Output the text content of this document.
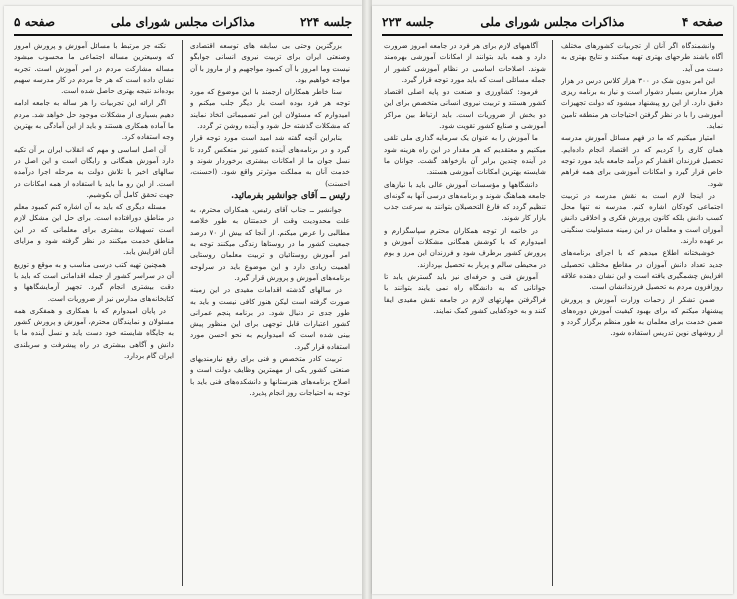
جلسه ۲۲۴
مذاکرات مجلس شورای ملی
صفحه ۵

بزرگترین وحتی بی سابقه های توسعه اقتصادی وصنعتی ایران برای تربیت نیروی انسانی جوابگو نیست وما امروز با آن کمبود مواجهیم و از ماروز با آن مواجه خواهیم بود.

سنا خاطر همکاران ارجمند با این موضوع که مورد توجه هر فرد بوده است بار دیگر جلب میکنم و امیدوارم که مسئولان این امر تصمیماتی اتخاذ نمایند که مشکلات گذشته حل شود و آینده روشن تر گردد.

بنابراین آنچه گفته شد امید است مورد توجه قرار گیرد و در برنامه‌های آینده کشور نیز منعکس گردد تا نسل جوان ما از امکانات بیشتری برخوردار شوند و خدمت آنان به مملکت موثرتر واقع شود. (احسنت، احسنت)

رئیس ــ آقای جوانشیر بفرمائید.

جوانشیر ــ جناب آقای رئیس، همکاران محترم، به علت محدودیت وقت از خدمتتان به طور خلاصه مطالبی را عرض میکنم. از آنجا که بیش از ۷۰ درصد جمعیت کشور ما در روستاها زندگی میکنند توجه به امر آموزش روستائیان و تربیت معلمان روستایی اهمیت زیادی دارد و این موضوع باید در سرلوحه برنامه‌های آموزش و پرورش قرار گیرد.

در سالهای گذشته اقدامات مفیدی در این زمینه صورت گرفته است لیکن هنوز کافی نیست و باید به طور جدی تر دنبال شود. در برنامه پنجم عمرانی کشور اعتبارات قابل توجهی برای این منظور پیش بینی شده است که امیدواریم به نحو احسن مورد استفاده قرار گیرد.

تربیت کادر متخصص و فنی برای رفع نیازمندیهای صنعتی کشور یکی از مهمترین وظایف دولت است و اصلاح برنامه‌های هنرستانها و دانشکده‌های فنی باید با توجه به احتیاجات روز انجام پذیرد.

نکته جز مرتبط با مسائل آموزش و پرورش امروز که وسیعترین مساله اجتماعی ما محسوب میشود مساله مشارکت مردم در امر آموزش است. تجربه نشان داده است که هر جا مردم در کار مدرسه سهیم بوده‌اند نتیجه بهتری حاصل شده است.

اگر ارائه این تجربیات را هر ساله به جامعه ادامه دهیم بسیاری از مشکلات موجود حل خواهد شد. مردم ما آماده همکاری هستند و باید از این آمادگی به بهترین وجه استفاده کرد.

آن اصل اساسی و مهم که انقلاب ایران بر آن تکیه دارد آموزش همگانی و رایگان است و این اصل در سالهای اخیر با تلاش دولت به مرحله اجرا درآمده است. از این رو ما باید با استفاده از همه امکانات در جهت تحقق کامل آن بکوشیم.

مسئله دیگری که باید به آن اشاره کنم کمبود معلم در مناطق دورافتاده است. برای حل این مشکل لازم است تسهیلات بیشتری برای معلمانی که در این مناطق خدمت میکنند در نظر گرفته شود و مزایای آنان افزایش یابد.

همچنین تهیه کتب درسی مناسب و به موقع و توزیع آن در سراسر کشور از جمله اقداماتی است که باید با دقت بیشتری انجام گیرد. تجهیز آزمایشگاهها و کتابخانه‌های مدارس نیز از ضروریات است.

در پایان امیدوارم که با همکاری و همفکری همه مسئولان و نمایندگان محترم، آموزش و پرورش کشور به جایگاه شایسته خود دست یابد و نسل آینده ما با دانش و آگاهی بیشتری در راه پیشرفت و سربلندی ایران گام بردارد.

صفحه ۴
مذاکرات مجلس شورای ملی
جلسه ۲۲۳

وانشمندگاه اگر آنان از تجربیات کشورهای مختلف آگاه باشند طرحهای بهتری تهیه میکنند و نتایج بهتری به دست می آید.

این امر بدون شک در ۳۰۰ هزار کلاس درس در هزار هزار مدارس بسیار دشوار است و نیاز به برنامه ریزی دقیق دارد. از این رو پیشنهاد میشود که دولت تجهیزات آموزشی را با در نظر گرفتن احتیاجات هر منطقه تامین نماید.

امتیاز میکنیم که ما در فهم مسائل آموزش مدرسه همان کاری را کردیم که در اقتصاد انجام داده‌ایم. تحصیل فرزندان اقشار کم درآمد جامعه باید مورد توجه خاص قرار گیرد و امکانات آموزشی برای همه فراهم شود.

در اینجا لازم است به نقش مدرسه در تربیت اجتماعی کودکان اشاره کنم. مدرسه نه تنها محل کسب دانش بلکه کانون پرورش فکری و اخلاقی دانش آموزان است و معلمان در این زمینه مسئولیت سنگینی بر عهده دارند.

خوشبختانه اطلاع میدهم که با اجرای برنامه‌های جدید تعداد دانش آموزان در مقاطع مختلف تحصیلی افزایش چشمگیری یافته است و این نشان دهنده علاقه روزافزون مردم به تحصیل فرزندانشان است.

ضمن تشکر از زحمات وزارت آموزش و پرورش پیشنهاد میکنم که برای بهبود کیفیت آموزش دوره‌های ضمن خدمت برای معلمان به طور منظم برگزار گردد و از روشهای نوین تدریس استفاده شود.

آگاهیهای لازم برای هر فرد در جامعه امروز ضرورت دارد و همه باید بتوانند از امکانات آموزشی بهره‌مند شوند. اصلاحات اساسی در نظام آموزشی کشور از جمله مسائلی است که باید مورد توجه قرار گیرد.

فرمود: کشاورزی و صنعت دو پایه اصلی اقتصاد کشور هستند و تربیت نیروی انسانی متخصص برای این دو بخش از ضروریات است. باید ارتباط بین مراکز آموزشی و صنایع کشور تقویت شود.

ما آموزش را به عنوان یک سرمایه گذاری ملی تلقی میکنیم و معتقدیم که هر مقدار در این راه هزینه شود در آینده چندین برابر آن بازخواهد گشت. جوانان ما شایسته بهترین امکانات آموزشی هستند.

دانشگاهها و مؤسسات آموزش عالی باید با نیازهای جامعه هماهنگ شوند و برنامه‌های درسی آنها به گونه‌ای تنظیم گردد که فارغ التحصیلان بتوانند به سرعت جذب بازار کار شوند.

در خاتمه از توجه همکاران محترم سپاسگزارم و امیدوارم که با کوشش همگانی مشکلات آموزش و پرورش کشور برطرف شود و فرزندان این مرز و بوم در محیطی سالم و پربار به تحصیل بپردازند.

آموزش فنی و حرفه‌ای نیز باید گسترش یابد تا جوانانی که به دانشگاه راه نمی یابند بتوانند با فراگرفتن مهارتهای لازم در جامعه نقش مفیدی ایفا کنند و به خودکفایی کشور کمک نمایند.
